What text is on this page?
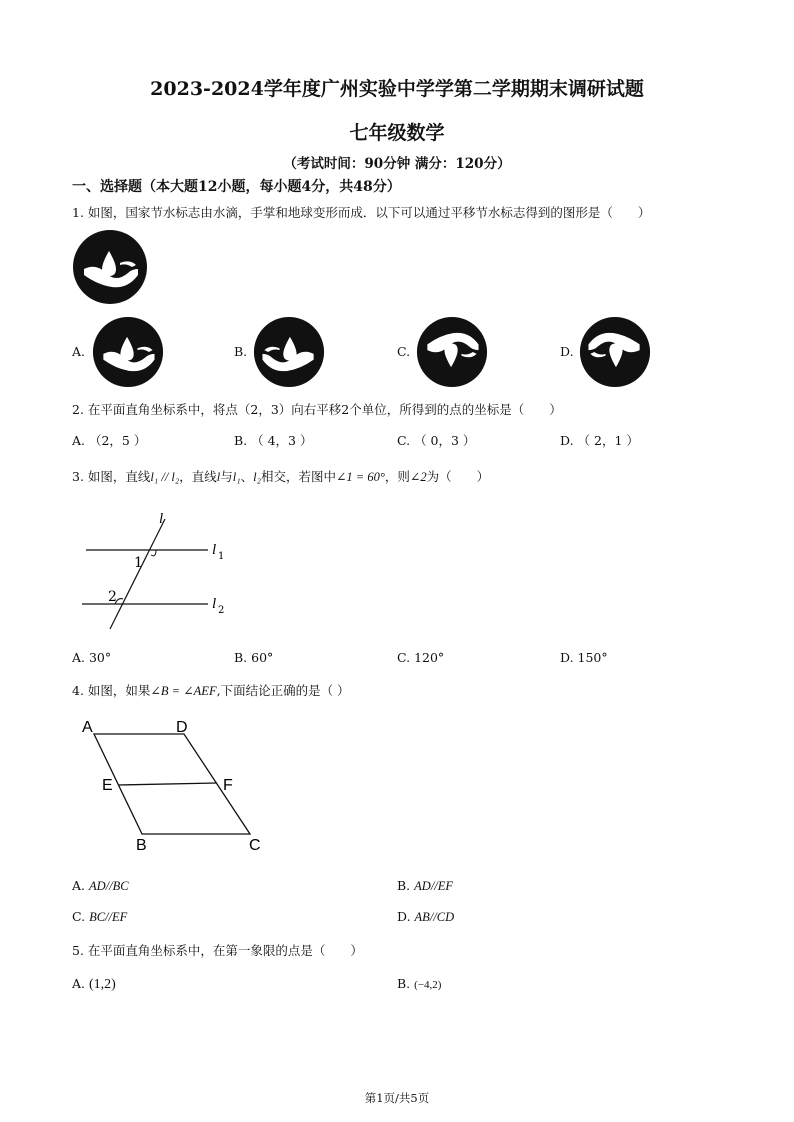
2023-2024学年度广州实验中学学第二学期期末调研试题
七年级数学
（考试时间：90分钟 满分：120分）
一、选择题（本大题12小题，每小题4分，共48分）
1. 如图，国家节水标志由水滴，手掌和地球变形而成．以下可以通过平移节水标志得到的图形是（　　）
A.	B.	C.	D.
2. 在平面直角坐标系中，将点（2，3）向右平移2个单位，所得到的点的坐标是（　　）
A. （2，5 ）	B. （ 4，3 ）	C. （ 0，3 ）	D. （ 2，1 ）
3. 如图，直线l₁ // l₂，直线l与l₁、l₂相交，若图中∠1 = 60°，则∠2为（　　）
l
l 1
l 2
1
2
A. 30°	B. 60°	C. 120°	D. 150°
4. 如图，如果∠B = ∠AEF,下面结论正确的是（ ）
A	D
E	F
B	C
A. AD//BC	B. AD//EF
C. BC//EF	D. AB//CD
5. 在平面直角坐标系中，在第一象限的点是（　　）
A. (1,2)	B. (−4,2)
第1页/共5页
